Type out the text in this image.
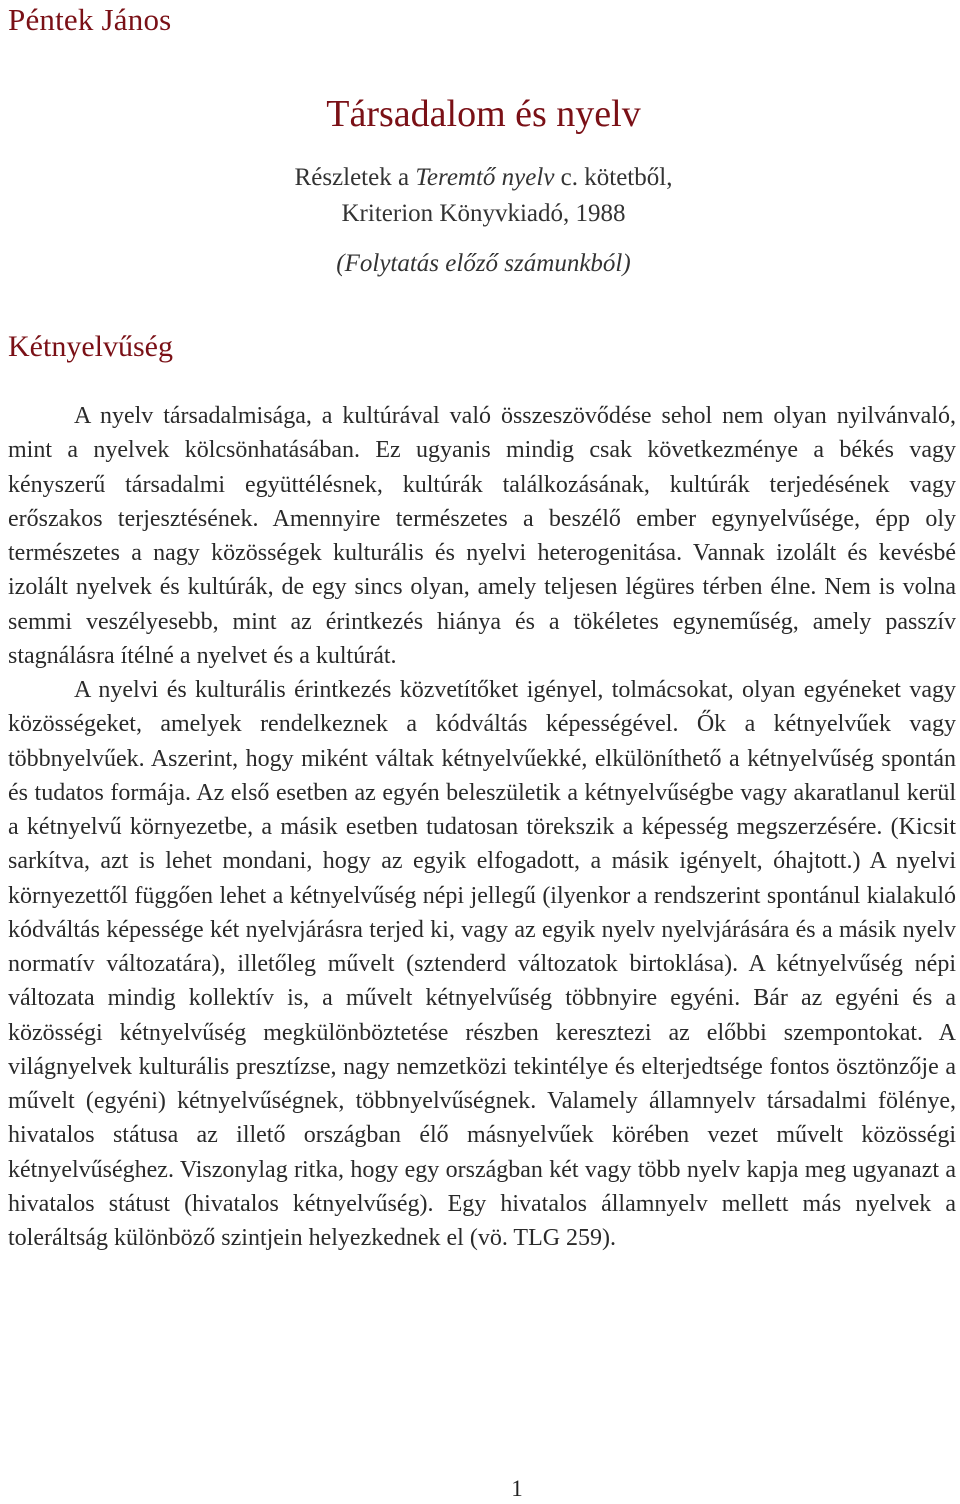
Péntek János
Társadalom és nyelv
Részletek a Teremtő nyelv c. kötetből,
Kriterion Könyvkiadó, 1988
(Folytatás előző számunkból)
Kétnyelvűség

A nyelv társadalmisága, a kultúrával való összeszövődése sehol nem olyan nyilvánvaló, mint a nyelvek kölcsönhatásában. Ez ugyanis mindig csak következménye a békés vagy kényszerű társadalmi együttélésnek, kultúrák találkozásának, kultúrák terjedésének vagy erőszakos terjesztésének. Amennyire természetes a beszélő ember egynyelvűsége, épp oly természetes a nagy közösségek kulturális és nyelvi heterogenitása. Vannak izolált és kevésbé izolált nyelvek és kultúrák, de egy sincs olyan, amely teljesen légüres térben élne. Nem is volna semmi veszélyesebb, mint az érintkezés hiánya és a tökéletes egyneműség, amely passzív stagnálásra ítélné a nyelvet és a kultúrát.

A nyelvi és kulturális érintkezés közvetítőket igényel, tolmácsokat, olyan egyéneket vagy közösségeket, amelyek rendelkeznek a kódváltás képességével. Ők a kétnyelvűek vagy többnyelvűek. Aszerint, hogy miként váltak kétnyelvűekké, elkülöníthető a kétnyelvűség spontán és tudatos formája. Az első esetben az egyén beleszületik a kétnyelvűségbe vagy akaratlanul kerül a kétnyelvű környezetbe, a másik esetben tudatosan törekszik a képesség megszerzésére. (Kicsit sarkítva, azt is lehet mondani, hogy az egyik elfogadott, a másik igényelt, óhajtott.) A nyelvi környezettől függően lehet a kétnyelvűség népi jellegű (ilyenkor a rendszerint spontánul kialakuló kódváltás képessége két nyelvjárásra terjed ki, vagy az egyik nyelv nyelvjárására és a másik nyelv normatív változatára), illetőleg művelt (sztenderd változatok birtoklása). A kétnyelvűség népi változata mindig kollektív is, a művelt kétnyelvűség többnyire egyéni. Bár az egyéni és a közösségi kétnyelvűség megkülönböztetése részben keresztezi az előbbi szempontokat. A világnyelvek kulturális presztízse, nagy nemzetközi tekintélye és elterjedtsége fontos ösztönzője a művelt (egyéni) kétnyelvűségnek, többnyelvűségnek. Valamely államnyelv társadalmi fölénye, hivatalos státusa az illető országban élő másnyelvűek körében vezet művelt közösségi kétnyelvűséghez. Viszonylag ritka, hogy egy országban két vagy több nyelv kapja meg ugyanazt a hivatalos státust (hivatalos kétnyelvűség). Egy hivatalos államnyelv mellett más nyelvek a toleráltság különböző szintjein helyezkednek el (vö. TLG 259).

1
